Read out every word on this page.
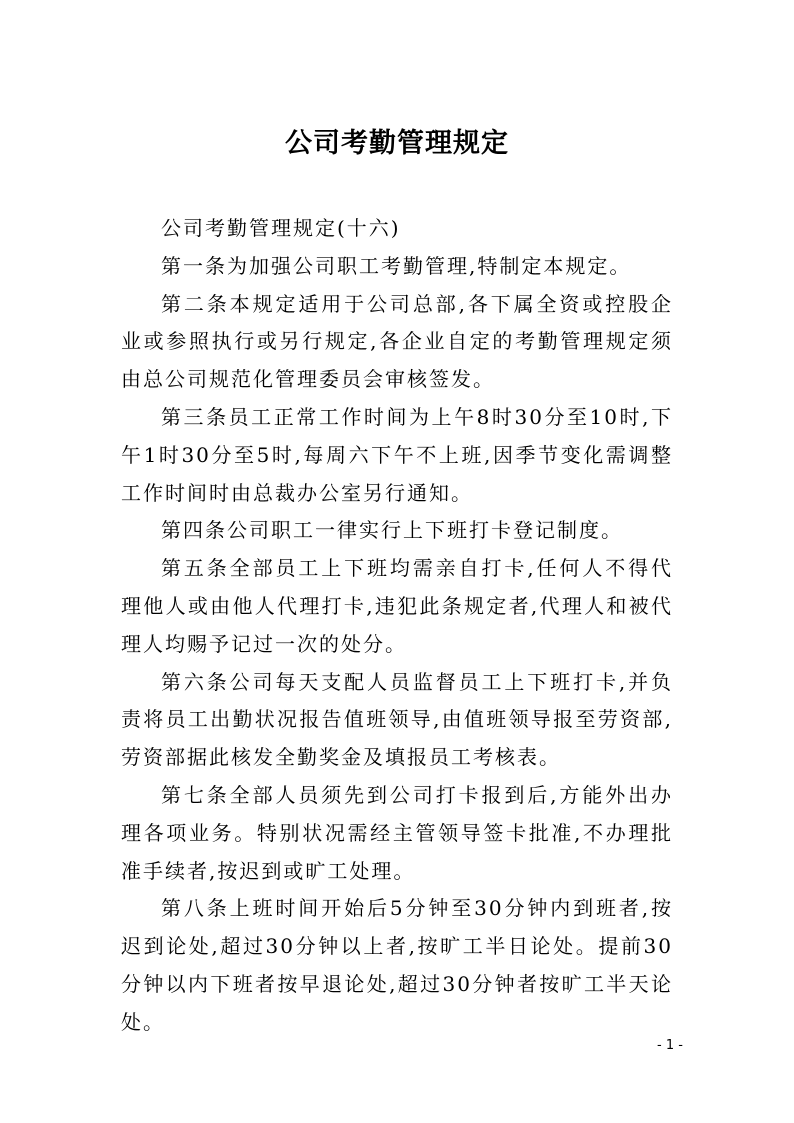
公司考勤管理规定

公司考勤管理规定(十六)

第一条为加强公司职工考勤管理,特制定本规定。

第二条本规定适用于公司总部,各下属全资或控股企业或参照执行或另行规定,各企业自定的考勤管理规定须由总公司规范化管理委员会审核签发。

第三条员工正常工作时间为上午8时30分至10时,下午1时30分至5时,每周六下午不上班,因季节变化需调整工作时间时由总裁办公室另行通知。

第四条公司职工一律实行上下班打卡登记制度。

第五条全部员工上下班均需亲自打卡,任何人不得代理他人或由他人代理打卡,违犯此条规定者,代理人和被代理人均赐予记过一次的处分。

第六条公司每天支配人员监督员工上下班打卡,并负责将员工出勤状况报告值班领导,由值班领导报至劳资部,劳资部据此核发全勤奖金及填报员工考核表。

第七条全部人员须先到公司打卡报到后,方能外出办理各项业务。特别状况需经主管领导签卡批准,不办理批准手续者,按迟到或旷工处理。

第八条上班时间开始后5分钟至30分钟内到班者,按迟到论处,超过30分钟以上者,按旷工半日论处。提前30分钟以内下班者按早退论处,超过30分钟者按旷工半天论处。

- 1 -
